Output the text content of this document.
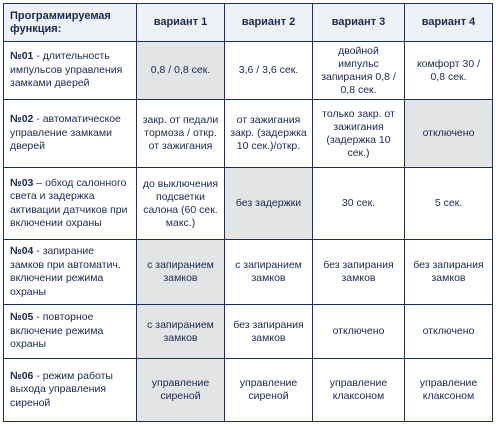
Программируемая функция:	вариант 1	вариант 2	вариант 3	вариант 4
№01 - длительность импульсов управления замками дверей	0,8 / 0,8 сек.	3,6 / 3,6 сек.	двойной импульс запирания 0,8 / 0,8 сек.	комфорт 30 / 0,8 сек.
№02 - автоматическое управление замками дверей	закр. от педали тормоза / откр. от зажигания	от зажигания закр. (задержка 10 сек.)/откр.	только закр. от зажигания (задержка 10 сек.)	отключено
№03 – обход салонного света и задержка активации датчиков при включении охраны	до выключения подсветки салона (60 сек. макс.)	без задержки	30 сек.	5 сек.
№04 - запирание замков при автоматич. включении режима охраны	с запиранием замков	с запиранием замков	без запирания замков	без запирания замков
№05 - повторное включение режима охраны	с запиранием замков	без запирания замков	отключено	отключено
№06 - режим работы выхода управления сиреной	управление сиреной	управление сиреной	управление клаксоном	управление клаксоном
